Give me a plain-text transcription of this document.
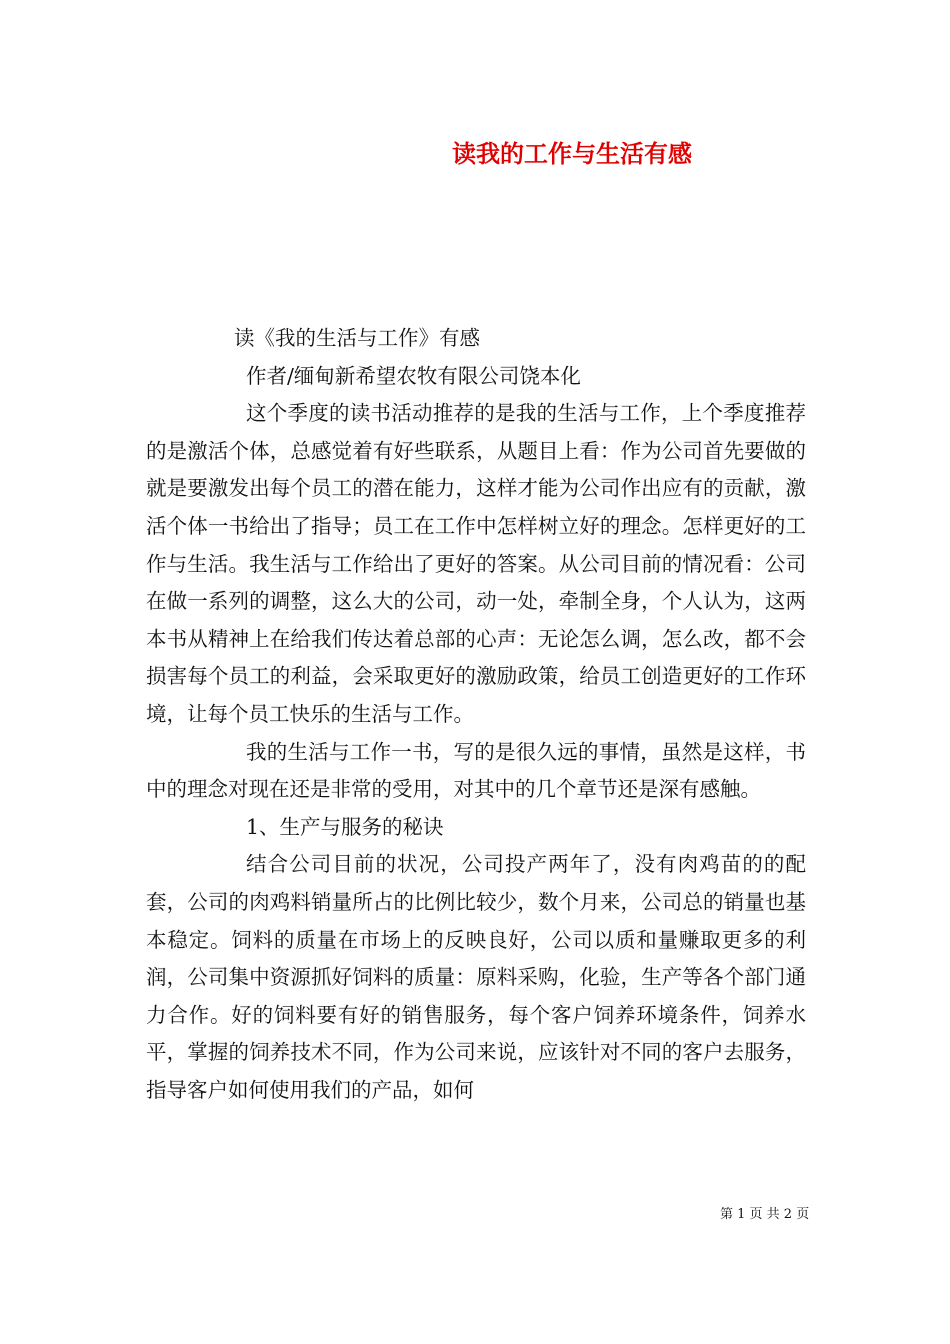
读我的工作与生活有感

读《我的生活与工作》有感

作者/缅甸新希望农牧有限公司饶本化

这个季度的读书活动推荐的是我的生活与工作，上个季度推荐的是激活个体，总感觉着有好些联系，从题目上看：作为公司首先要做的就是要激发出每个员工的潜在能力，这样才能为公司作出应有的贡献，激活个体一书给出了指导；员工在工作中怎样树立好的理念。怎样更好的工作与生活。我生活与工作给出了更好的答案。从公司目前的情况看：公司在做一系列的调整，这么大的公司，动一处，牵制全身，个人认为，这两本书从精神上在给我们传达着总部的心声：无论怎么调，怎么改，都不会损害每个员工的利益，会采取更好的激励政策，给员工创造更好的工作环境，让每个员工快乐的生活与工作。

我的生活与工作一书，写的是很久远的事情，虽然是这样，书中的理念对现在还是非常的受用，对其中的几个章节还是深有感触。

1、生产与服务的秘诀

结合公司目前的状况，公司投产两年了，没有肉鸡苗的的配套，公司的肉鸡料销量所占的比例比较少，数个月来，公司总的销量也基本稳定。饲料的质量在市场上的反映良好，公司以质和量赚取更多的利润，公司集中资源抓好饲料的质量：原料采购，化验，生产等各个部门通力合作。好的饲料要有好的销售服务，每个客户饲养环境条件，饲养水平，掌握的饲养技术不同，作为公司来说，应该针对不同的客户去服务，指导客户如何使用我们的产品，如何

第 1 页 共 2 页
